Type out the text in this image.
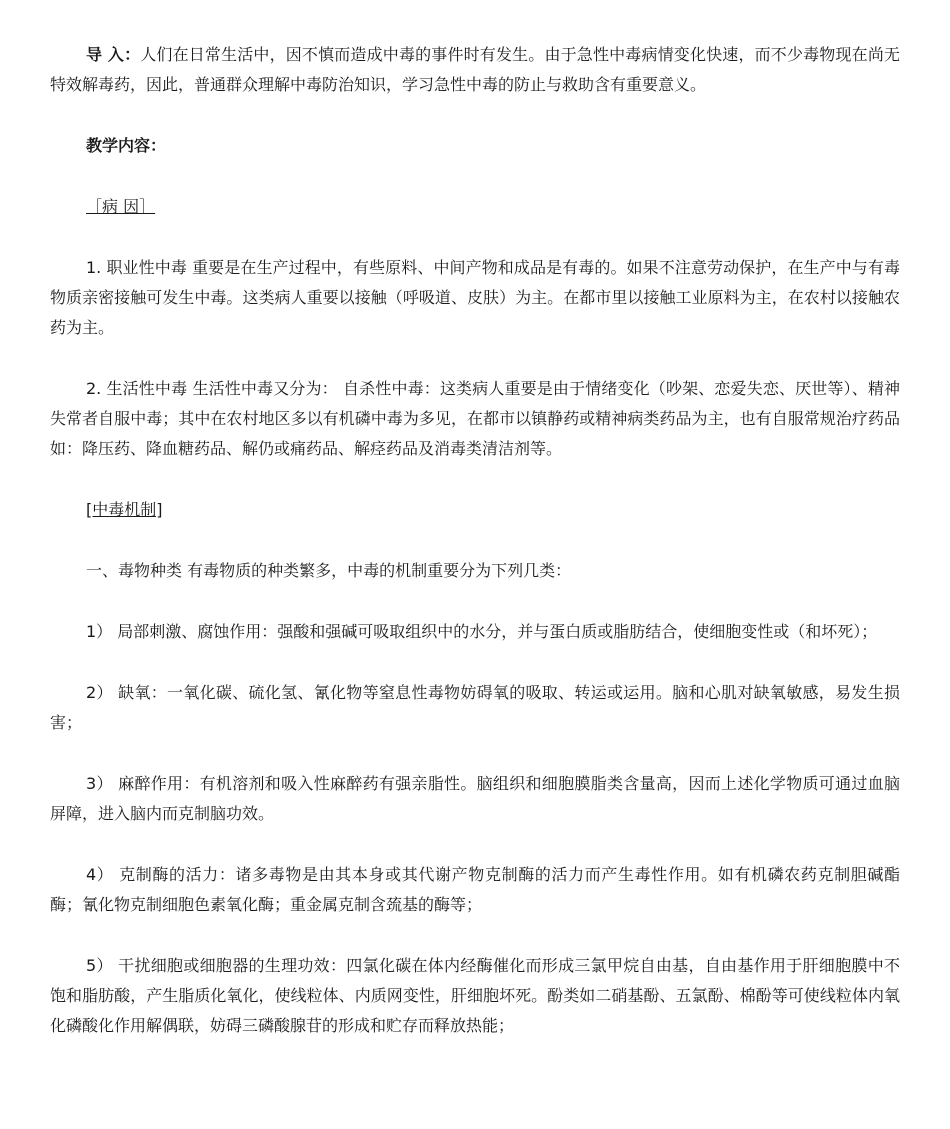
导 入：人们在日常生活中，因不慎而造成中毒的事件时有发生。由于急性中毒病情变化快速，而不少毒物现在尚无特效解毒药，因此，普通群众理解中毒防治知识，学习急性中毒的防止与救助含有重要意义。

教学内容：

［病 因］

1. 职业性中毒 重要是在生产过程中，有些原料、中间产物和成品是有毒的。如果不注意劳动保护，在生产中与有毒物质亲密接触可发生中毒。这类病人重要以接触（呼吸道、皮肤）为主。在都市里以接触工业原料为主，在农村以接触农药为主。

2. 生活性中毒 生活性中毒又分为： 自杀性中毒：这类病人重要是由于情绪变化（吵架、恋爱失恋、厌世等）、精神失常者自服中毒；其中在农村地区多以有机磷中毒为多见，在都市以镇静药或精神病类药品为主，也有自服常规治疗药品如：降压药、降血糖药品、解仍或痛药品、解痉药品及消毒类清洁剂等。

[中毒机制]

一、毒物种类 有毒物质的种类繁多，中毒的机制重要分为下列几类：

1） 局部刺激、腐蚀作用：强酸和强碱可吸取组织中的水分，并与蛋白质或脂肪结合，使细胞变性或（和坏死）；

2） 缺氧：一氧化碳、硫化氢、氰化物等窒息性毒物妨碍氧的吸取、转运或运用。脑和心肌对缺氧敏感，易发生损害；

3） 麻醉作用：有机溶剂和吸入性麻醉药有强亲脂性。脑组织和细胞膜脂类含量高，因而上述化学物质可通过血脑屏障，进入脑内而克制脑功效。

4） 克制酶的活力：诸多毒物是由其本身或其代谢产物克制酶的活力而产生毒性作用。如有机磷农药克制胆碱酯酶；氰化物克制细胞色素氧化酶；重金属克制含巯基的酶等；

5） 干扰细胞或细胞器的生理功效：四氯化碳在体内经酶催化而形成三氯甲烷自由基，自由基作用于肝细胞膜中不饱和脂肪酸，产生脂质化氧化，使线粒体、内质网变性，肝细胞坏死。酚类如二硝基酚、五氯酚、棉酚等可使线粒体内氧化磷酸化作用解偶联，妨碍三磷酸腺苷的形成和贮存而释放热能；
